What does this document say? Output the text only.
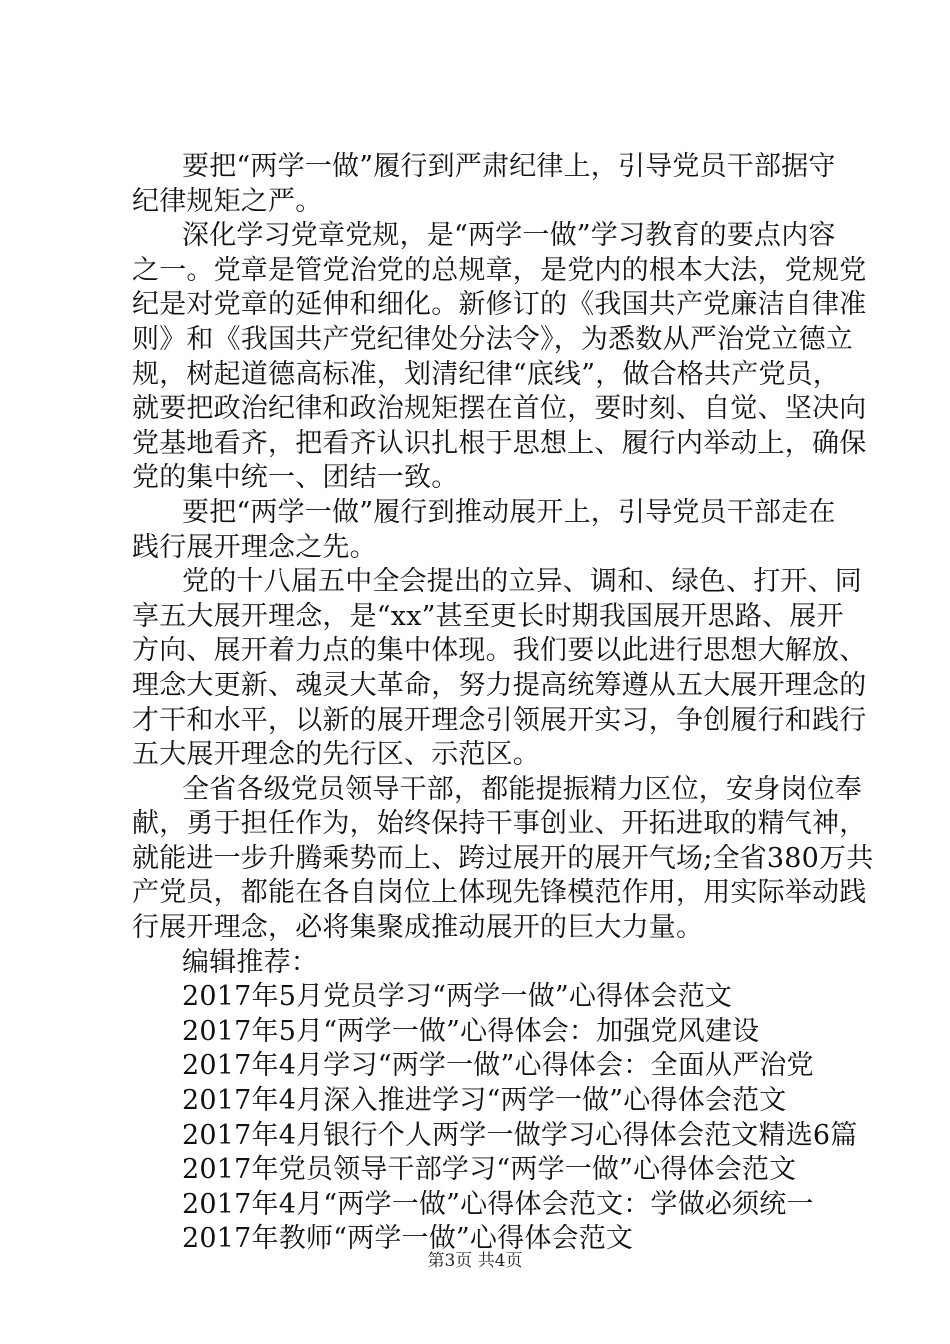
要把“两学一做”履行到严肃纪律上，引导党员干部据守
纪律规矩之严。
深化学习党章党规，是“两学一做”学习教育的要点内容
之一。党章是管党治党的总规章，是党内的根本大法，党规党
纪是对党章的延伸和细化。新修订的《我国共产党廉洁自律准
则》和《我国共产党纪律处分法令》，为悉数从严治党立德立
规，树起道德高标准，划清纪律“底线”，做合格共产党员，
就要把政治纪律和政治规矩摆在首位，要时刻、自觉、坚决向
党基地看齐，把看齐认识扎根于思想上、履行内举动上，确保
党的集中统一、团结一致。
要把“两学一做”履行到推动展开上，引导党员干部走在
践行展开理念之先。
党的十八届五中全会提出的立异、调和、绿色、打开、同
享五大展开理念，是“xx”甚至更长时期我国展开思路、展开
方向、展开着力点的集中体现。我们要以此进行思想大解放、
理念大更新、魂灵大革命，努力提高统筹遵从五大展开理念的
才干和水平，以新的展开理念引领展开实习，争创履行和践行
五大展开理念的先行区、示范区。
全省各级党员领导干部，都能提振精力区位，安身岗位奉
献，勇于担任作为，始终保持干事创业、开拓进取的精气神，
就能进一步升腾乘势而上、跨过展开的展开气场;全省380万共
产党员，都能在各自岗位上体现先锋模范作用，用实际举动践
行展开理念，必将集聚成推动展开的巨大力量。
编辑推荐：
2017年5月党员学习“两学一做”心得体会范文
2017年5月“两学一做”心得体会：加强党风建设
2017年4月学习“两学一做”心得体会：全面从严治党
2017年4月深入推进学习“两学一做”心得体会范文
2017年4月银行个人两学一做学习心得体会范文精选6篇
2017年党员领导干部学习“两学一做”心得体会范文
2017年4月“两学一做”心得体会范文：学做必须统一
2017年教师“两学一做”心得体会范文
第3页 共4页
